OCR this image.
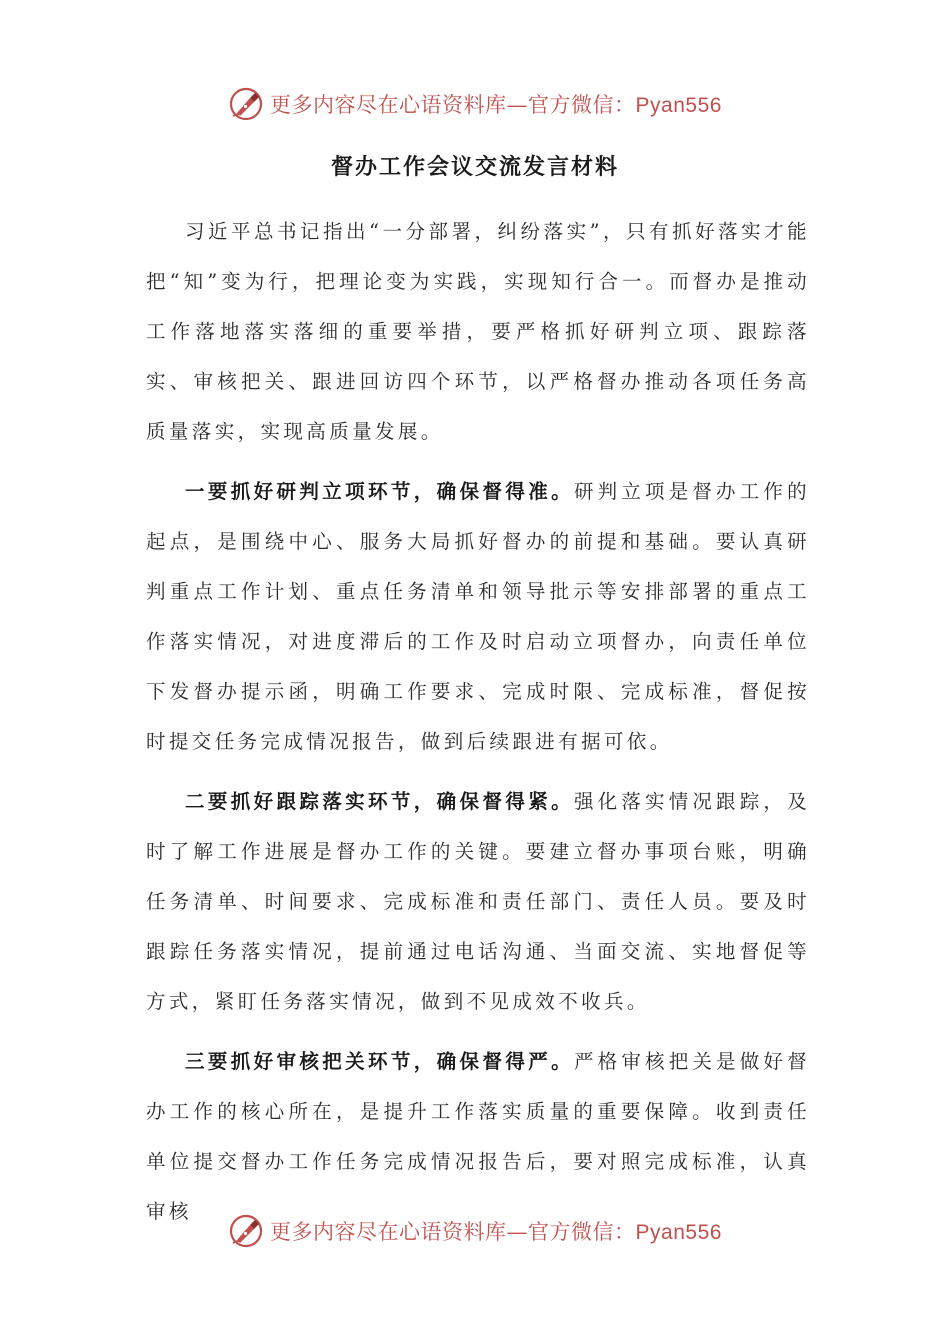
更多内容尽在心语资料库—官方微信：Pyan556
督办工作会议交流发言材料

习近平总书记指出“一分部署，纠纷落实”，只有抓好落实才能把“知”变为行，把理论变为实践，实现知行合一。而督办是推动工作落地落实落细的重要举措，要严格抓好研判立项、跟踪落实、审核把关、跟进回访四个环节，以严格督办推动各项任务高质量落实，实现高质量发展。

一要抓好研判立项环节，确保督得准。研判立项是督办工作的起点，是围绕中心、服务大局抓好督办的前提和基础。要认真研判重点工作计划、重点任务清单和领导批示等安排部署的重点工作落实情况，对进度滞后的工作及时启动立项督办，向责任单位下发督办提示函，明确工作要求、完成时限、完成标准，督促按时提交任务完成情况报告，做到后续跟进有据可依。

二要抓好跟踪落实环节，确保督得紧。强化落实情况跟踪，及时了解工作进展是督办工作的关键。要建立督办事项台账，明确任务清单、时间要求、完成标准和责任部门、责任人员。要及时跟踪任务落实情况，提前通过电话沟通、当面交流、实地督促等方式，紧盯任务落实情况，做到不见成效不收兵。

三要抓好审核把关环节，确保督得严。严格审核把关是做好督办工作的核心所在，是提升工作落实质量的重要保障。收到责任单位提交督办工作任务完成情况报告后，要对照完成标准，认真审核

更多内容尽在心语资料库—官方微信：Pyan556
